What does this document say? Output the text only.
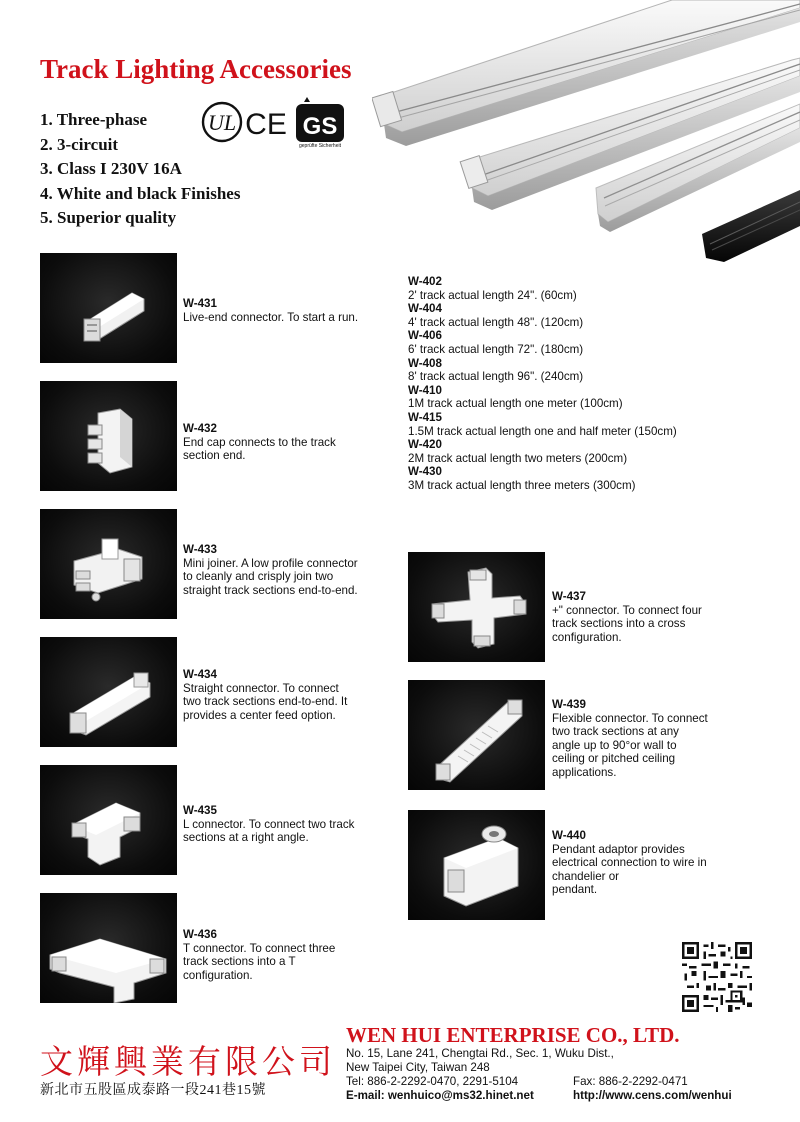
Track Lighting Accessories
1. Three-phase
2. 3-circuit
3. Class I 230V 16A
4. White and black Finishes
5. Superior quality
UL CE GS
geprüfte Sicherheit
W-431
Live-end connector. To start a run.
W-432
End cap connects to the track
section end.
W-433
Mini joiner. A low profile connector
to cleanly and crisply join two
straight track sections end-to-end.
W-434
Straight connector. To connect
two track sections end-to-end. It
provides a center feed option.
W-435
L connector. To connect two track
sections at a right angle.
W-436
T connector. To connect three
track sections into a T
configuration.
W-402
2' track actual length 24". (60cm)
W-404
4' track actual length 48". (120cm)
W-406
6' track actual length 72". (180cm)
W-408
8' track actual length 96". (240cm)
W-410
1M track actual length one meter (100cm)
W-415
1.5M track actual length one and half meter (150cm)
W-420
2M track actual length two meters (200cm)
W-430
3M track actual length three meters (300cm)
W-437
+" connector. To connect four
track sections into a cross
configuration.
W-439
Flexible connector. To connect
two track sections at any
angle up to 90°or wall to
ceiling or pitched ceiling
applications.
W-440
Pendant adaptor provides
electrical connection to wire in
chandelier or
pendant.
文輝興業有限公司
新北市五股區成泰路一段241巷15號
WEN HUI ENTERPRISE CO., LTD.
No. 15, Lane 241, Chengtai Rd., Sec. 1, Wuku Dist.,
New Taipei City, Taiwan 248
Tel: 886-2-2292-0470, 2291-5104	Fax: 886-2-2292-0471
E-mail: wenhuico@ms32.hinet.net	http://www.cens.com/wenhui
